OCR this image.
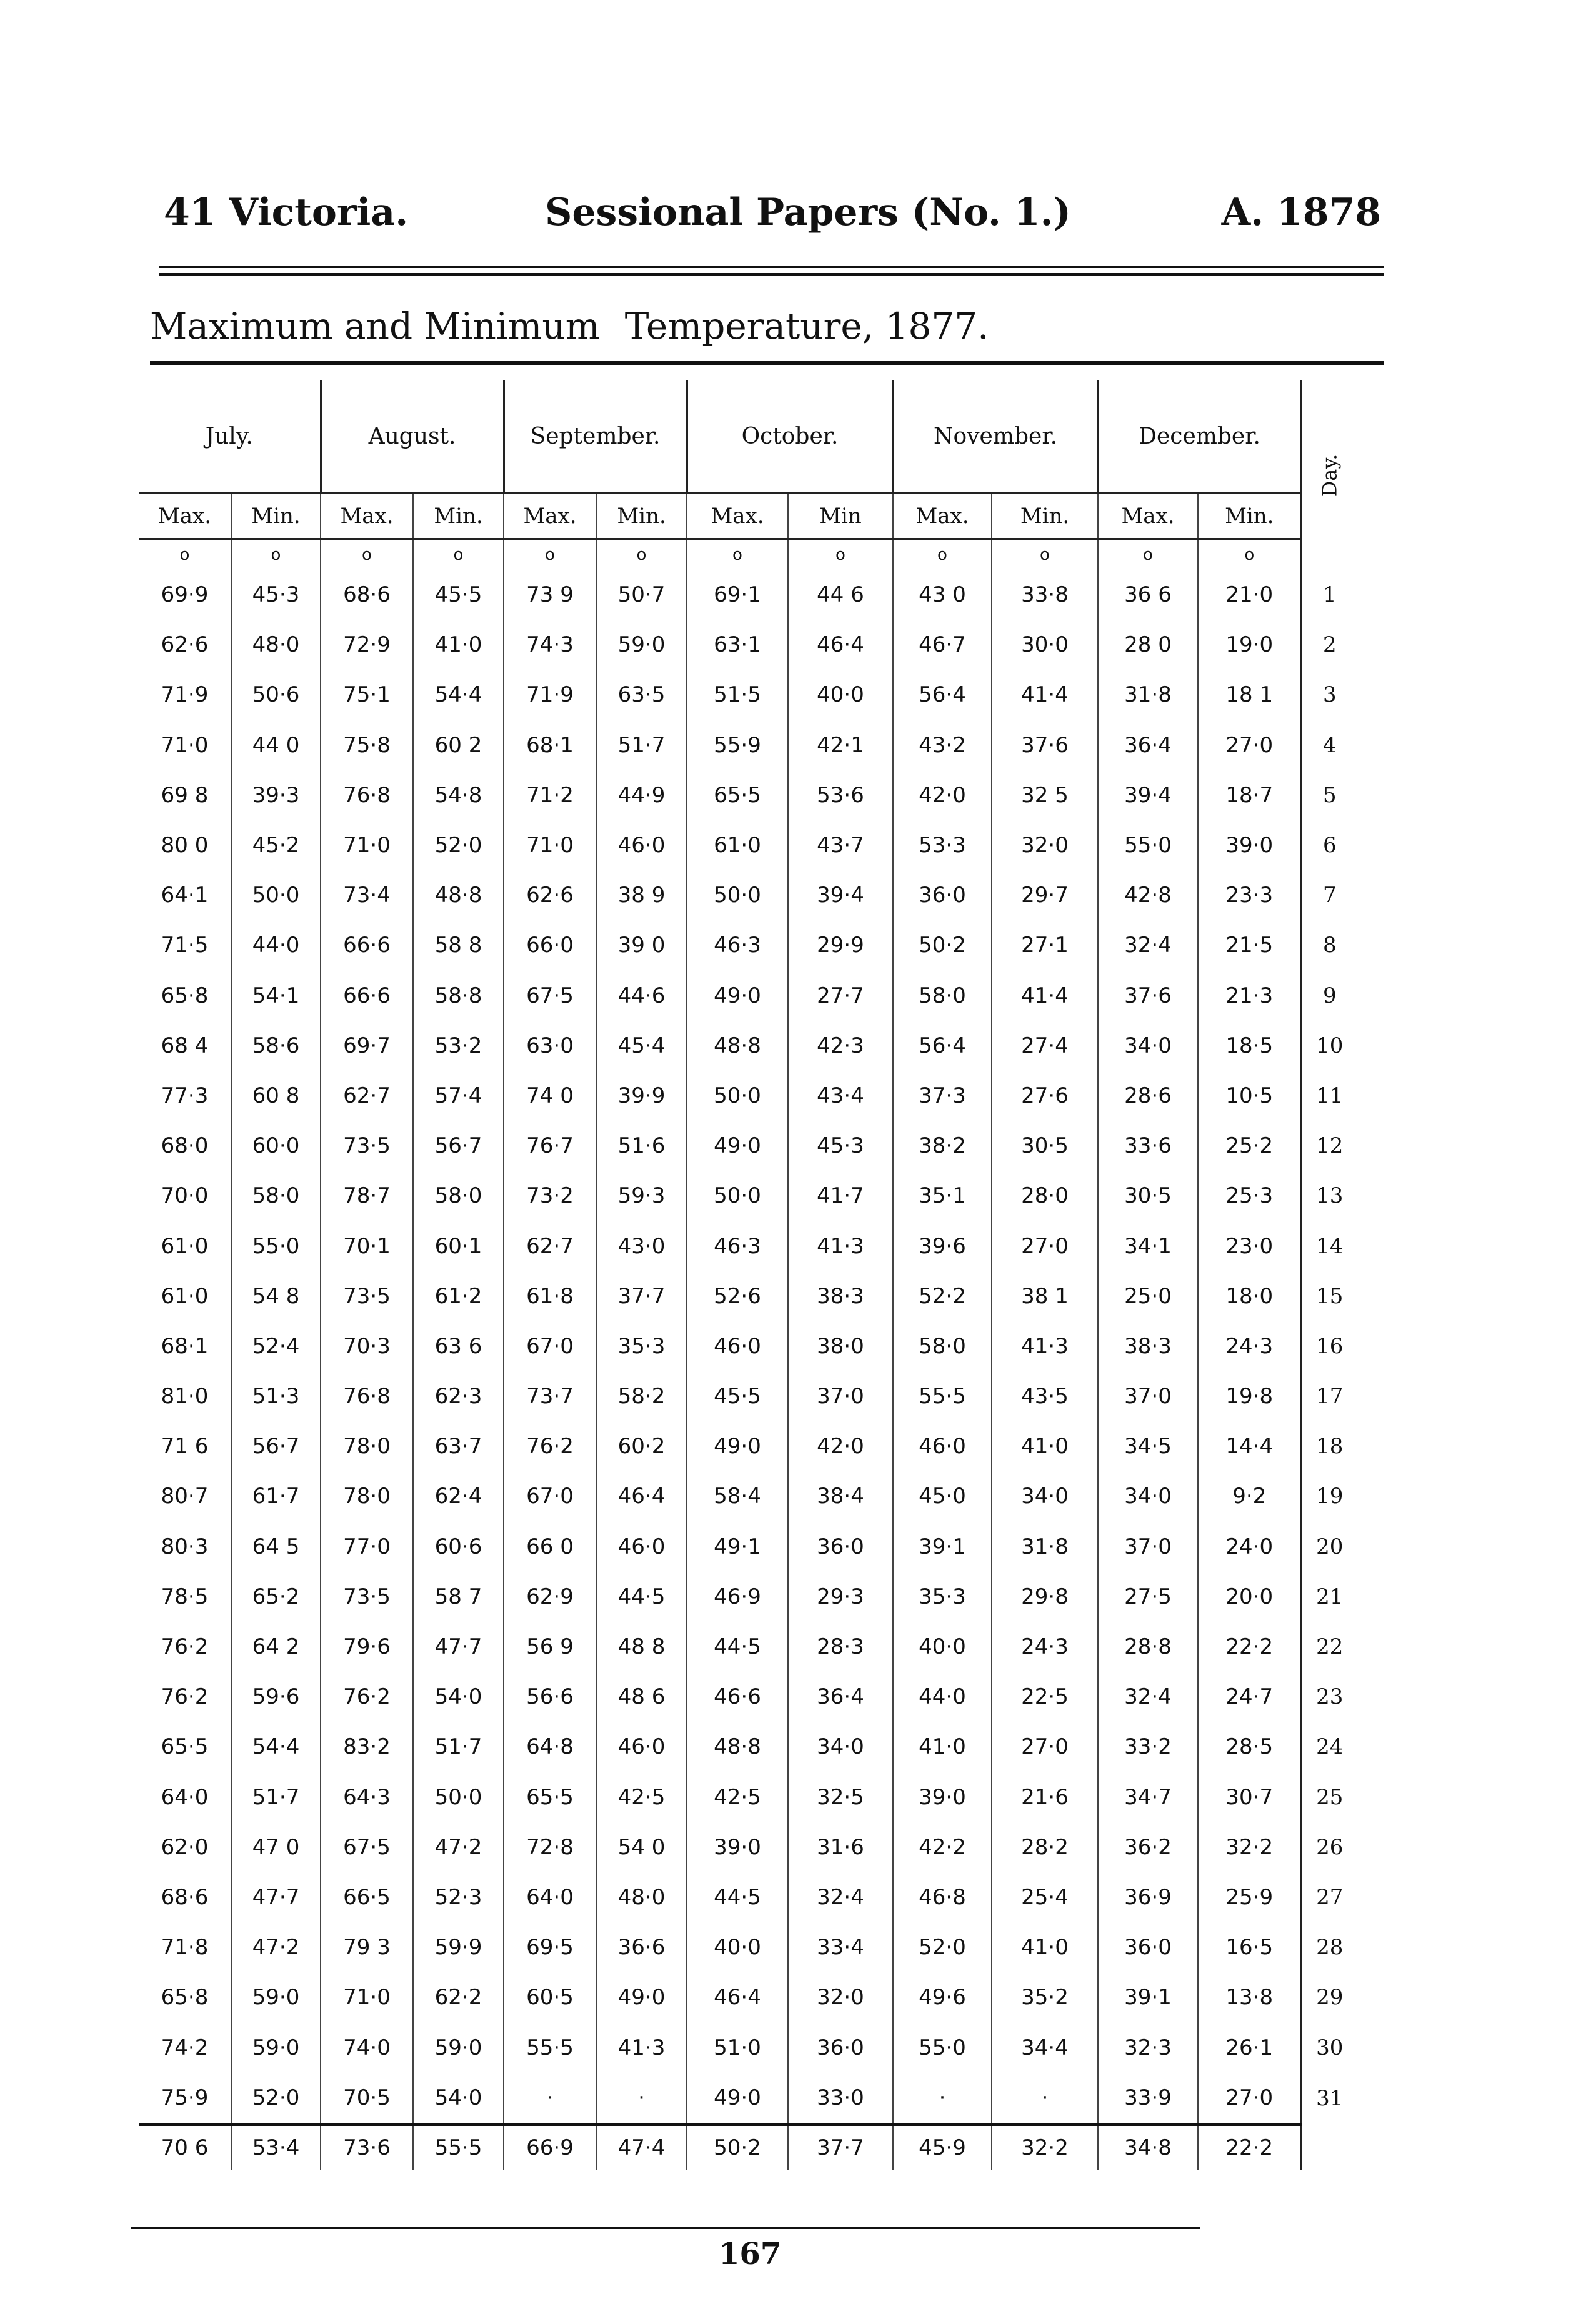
41 Victoria.	Sessional Papers (No. 1.)	A. 1878
Maximum and Minimum Temperature, 1877.
July.		August.		September.		October.		November.		December.		Day.
Max.	Min.	Max.	Min.	Max.	Min.	Max.	Min	Max.	Min.	Max.	Min.	
o	o	o	o	o	o	o	o	o	o	o	o	
69·9	45·3	68·6	45·5	73 9	50·7	69·1	44 6	43 0	33·8	36 6	21·0	1
62·6	48·0	72·9	41·0	74·3	59·0	63·1	46·4	46·7	30·0	28 0	19·0	2
71·9	50·6	75·1	54·4	71·9	63·5	51·5	40·0	56·4	41·4	31·8	18 1	3
71·0	44 0	75·8	60 2	68·1	51·7	55·9	42·1	43·2	37·6	36·4	27·0	4
69 8	39·3	76·8	54·8	71·2	44·9	65·5	53·6	42·0	32 5	39·4	18·7	5
80 0	45·2	71·0	52·0	71·0	46·0	61·0	43·7	53·3	32·0	55·0	39·0	6
64·1	50·0	73·4	48·8	62·6	38 9	50·0	39·4	36·0	29·7	42·8	23·3	7
71·5	44·0	66·6	58 8	66·0	39 0	46·3	29·9	50·2	27·1	32·4	21·5	8
65·8	54·1	66·6	58·8	67·5	44·6	49·0	27·7	58·0	41·4	37·6	21·3	9
68 4	58·6	69·7	53·2	63·0	45·4	48·8	42·3	56·4	27·4	34·0	18·5	10
77·3	60 8	62·7	57·4	74 0	39·9	50·0	43·4	37·3	27·6	28·6	10·5	11
68·0	60·0	73·5	56·7	76·7	51·6	49·0	45·3	38·2	30·5	33·6	25·2	12
70·0	58·0	78·7	58·0	73·2	59·3	50·0	41·7	35·1	28·0	30·5	25·3	13
61·0	55·0	70·1	60·1	62·7	43·0	46·3	41·3	39·6	27·0	34·1	23·0	14
61·0	54 8	73·5	61·2	61·8	37·7	52·6	38·3	52·2	38 1	25·0	18·0	15
68·1	52·4	70·3	63 6	67·0	35·3	46·0	38·0	58·0	41·3	38·3	24·3	16
81·0	51·3	76·8	62·3	73·7	58·2	45·5	37·0	55·5	43·5	37·0	19·8	17
71 6	56·7	78·0	63·7	76·2	60·2	49·0	42·0	46·0	41·0	34·5	14·4	18
80·7	61·7	78·0	62·4	67·0	46·4	58·4	38·4	45·0	34·0	34·0	9·2	19
80·3	64 5	77·0	60·6	66 0	46·0	49·1	36·0	39·1	31·8	37·0	24·0	20
78·5	65·2	73·5	58 7	62·9	44·5	46·9	29·3	35·3	29·8	27·5	20·0	21
76·2	64 2	79·6	47·7	56 9	48 8	44·5	28·3	40·0	24·3	28·8	22·2	22
76·2	59·6	76·2	54·0	56·6	48 6	46·6	36·4	44·0	22·5	32·4	24·7	23
65·5	54·4	83·2	51·7	64·8	46·0	48·8	34·0	41·0	27·0	33·2	28·5	24
64·0	51·7	64·3	50·0	65·5	42·5	42·5	32·5	39·0	21·6	34·7	30·7	25
62·0	47 0	67·5	47·2	72·8	54 0	39·0	31·6	42·2	28·2	36·2	32·2	26
68·6	47·7	66·5	52·3	64·0	48·0	44·5	32·4	46·8	25·4	36·9	25·9	27
71·8	47·2	79 3	59·9	69·5	36·6	40·0	33·4	52·0	41·0	36·0	16·5	28
65·8	59·0	71·0	62·2	60·5	49·0	46·4	32·0	49·6	35·2	39·1	13·8	29
74·2	59·0	74·0	59·0	55·5	41·3	51·0	36·0	55·0	34·4	32·3	26·1	30
75·9	52·0	70·5	54·0	·	·	49·0	33·0	·	·	33·9	27·0	31
70 6	53·4	73·6	55·5	66·9	47·4	50·2	37·7	45·9	32·2	34·8	22·2	
167
